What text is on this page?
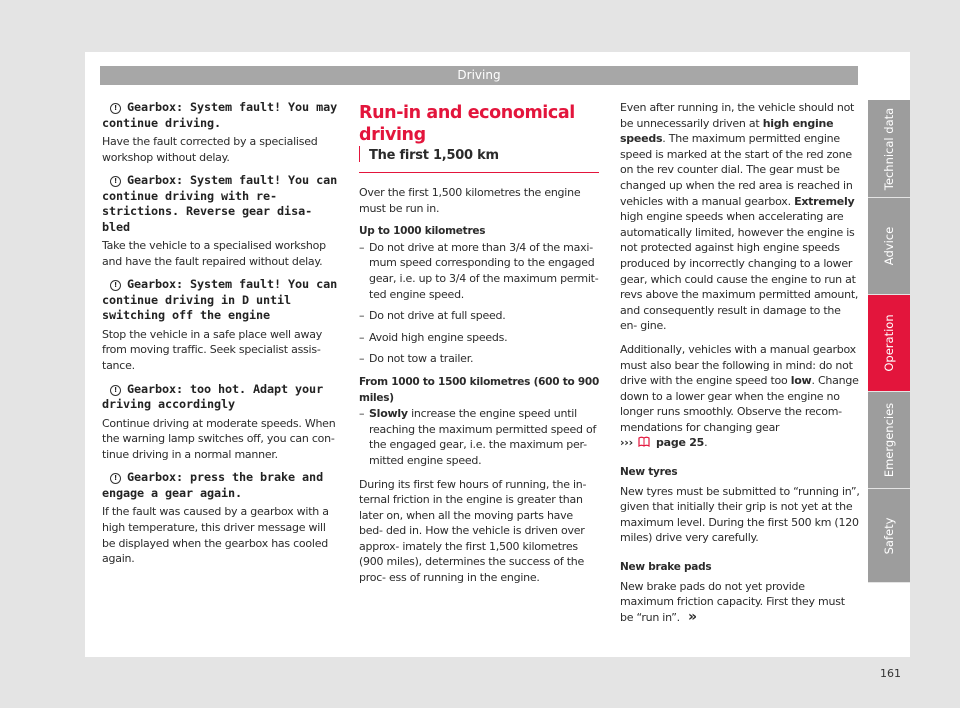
Driving

! Gearbox: System fault! You may continue driving.

Have the fault corrected by a specialised workshop without delay.

! Gearbox: System fault! You can continue driving with re- strictions. Reverse gear disa- bled

Take the vehicle to a specialised workshop and have the fault repaired without delay.

! Gearbox: System fault! You can continue driving in D until switching off the engine

Stop the vehicle in a safe place well away from moving traffic. Seek specialist assis- tance.

! Gearbox: too hot. Adapt your driving accordingly

Continue driving at moderate speeds. When the warning lamp switches off, you can con- tinue driving in a normal manner.

! Gearbox: press the brake and engage a gear again.

If the fault was caused by a gearbox with a high temperature, this driver message will be displayed when the gearbox has cooled again.

Run-in and economical driving

The first 1,500 km

Over the first 1,500 kilometres the engine must be run in.

Up to 1000 kilometres

– Do not drive at more than 3/4 of the maxi- mum speed corresponding to the engaged gear, i.e. up to 3/4 of the maximum permit- ted engine speed.

– Do not drive at full speed.

– Avoid high engine speeds.

– Do not tow a trailer.

From 1000 to 1500 kilometres (600 to 900 miles)

– Slowly increase the engine speed until reaching the maximum permitted speed of the engaged gear, i.e. the maximum per- mitted engine speed.

During its first few hours of running, the in- ternal friction in the engine is greater than later on, when all the moving parts have bed- ded in. How the vehicle is driven over approx- imately the first 1,500 kilometres (900 miles), determines the success of the proc- ess of running in the engine.

Even after running in, the vehicle should not be unnecessarily driven at high engine speeds. The maximum permitted engine speed is marked at the start of the red zone on the rev counter dial. The gear must be changed up when the red area is reached in vehicles with a manual gearbox. Extremely high engine speeds when accelerating are automatically limited, however the engine is not protected against high engine speeds produced by incorrectly changing to a lower gear, which could cause the engine to run at revs above the maximum permitted amount, and consequently result in damage to the en- gine.

Additionally, vehicles with a manual gearbox must also bear the following in mind: do not drive with the engine speed too low. Change down to a lower gear when the engine no longer runs smoothly. Observe the recom- mendations for changing gear
››› page 25.

New tyres

New tyres must be submitted to “running in”, given that initially their grip is not yet at the maximum level. During the first 500 km (120 miles) drive very carefully.

New brake pads

New brake pads do not yet provide maximum friction capacity. First they must be “run in”. »

Technical data
Advice
Operation
Emergencies
Safety
161
